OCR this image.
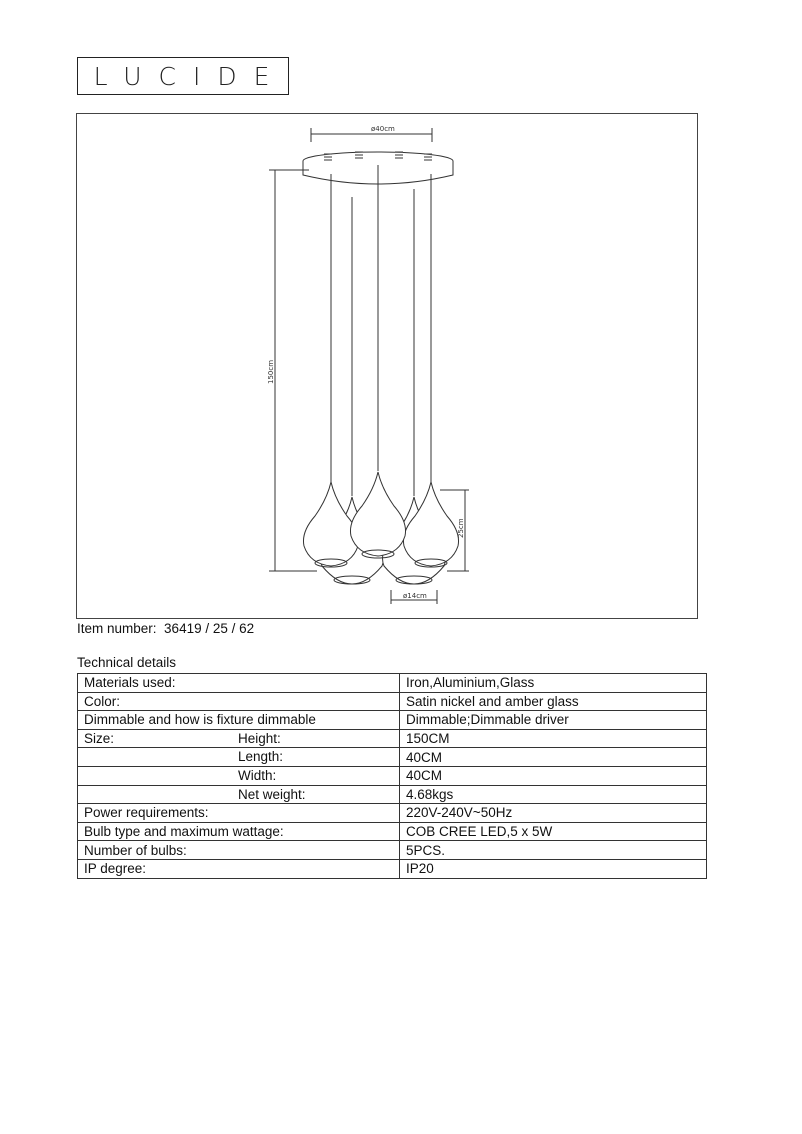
LUCIDE
ø40cm
150cm
25cm
ø14cm
Item number: 36419 / 25 / 62
Technical details
Materials used:	Iron,Aluminium,Glass
Color:	Satin nickel and amber glass
Dimmable and how is fixture dimmable	Dimmable;Dimmable driver

Size: Height:	150CM

Length:	40CM

Width:	40CM

Net weight:	4.68kgs
Power requirements:	220V-240V~50Hz
Bulb type and maximum wattage:	COB CREE LED,5 x 5W
Number of bulbs:	5PCS.
IP degree:	IP20
